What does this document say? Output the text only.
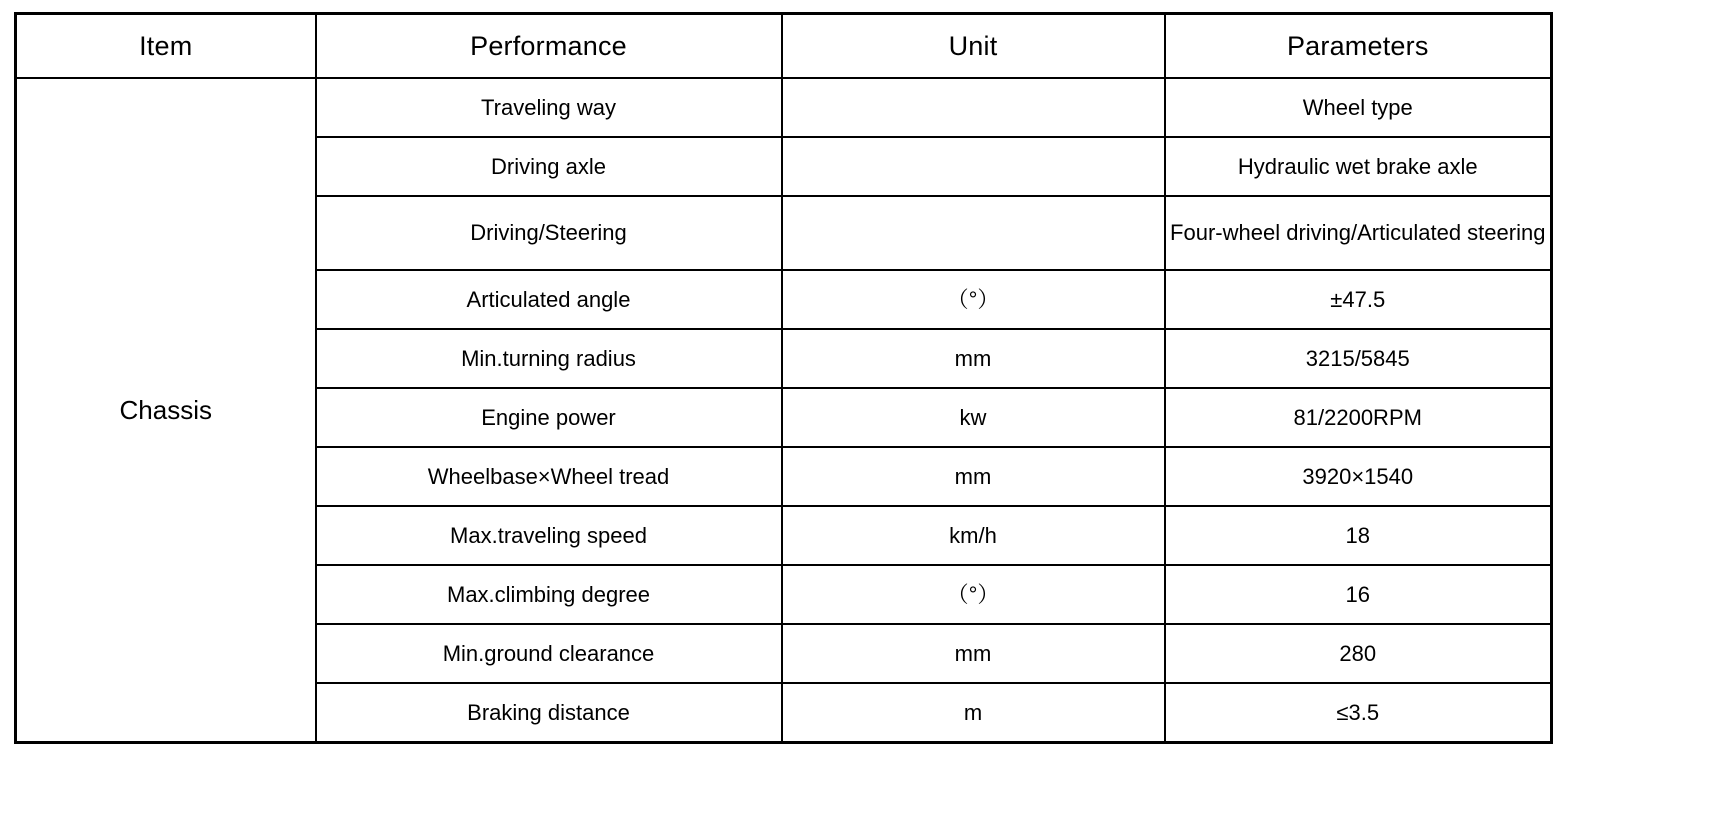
Item	Performance	Unit	Parameters
Chassis	Traveling way		Wheel type
	Driving axle		Hydraulic wet brake axle
	Driving/Steering		Four-wheel driving/Articulated steering
	Articulated angle	（°）	±47.5
	Min.turning radius	mm	3215/5845
	Engine power	kw	81/2200RPM
	Wheelbase×Wheel tread	mm	3920×1540
	Max.traveling speed	km/h	18
	Max.climbing degree	（°）	16
	Min.ground clearance	mm	280
	Braking distance	m	≤3.5
